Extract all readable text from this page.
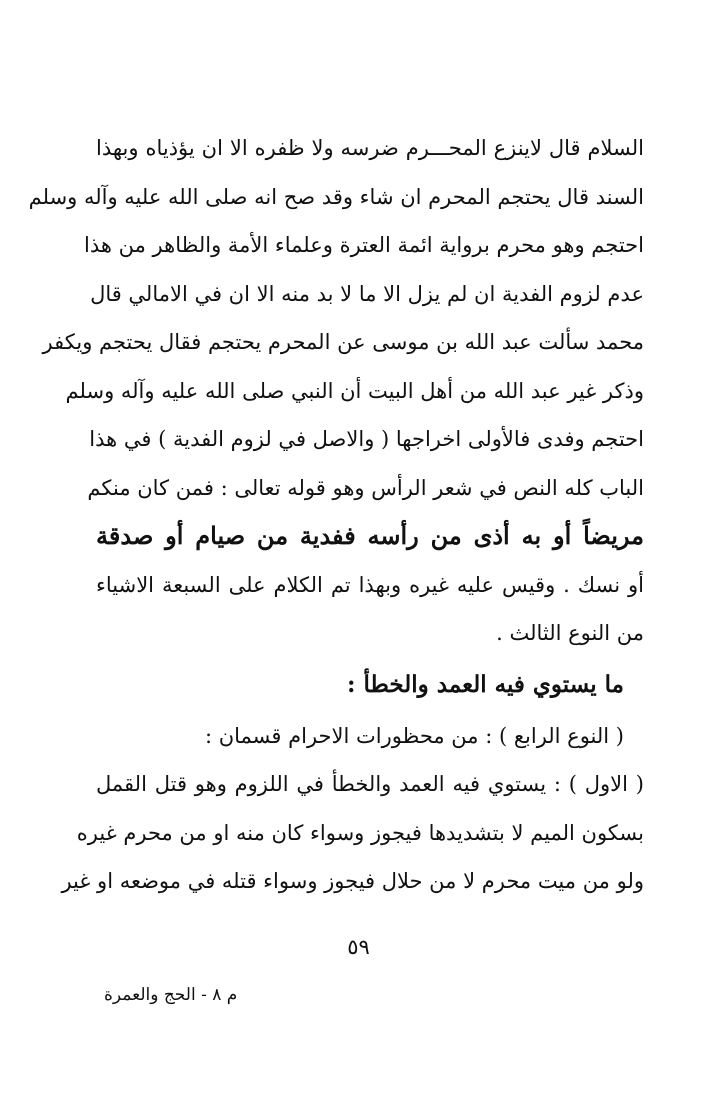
السلام قال لاينزع المحـــرم ضرسه ولا ظفره الا ان يؤذياه وبهذا
السند قال يحتجم المحرم ان شاء وقد صح انه صلى الله عليه وآله وسلم
احتجم وهو محرم برواية ائمة العترة وعلماء الأمة والظاهر من هذا
عدم لزوم الفدية ان لم يزل الا ما لا بد منه الا ان في الامالي قال
محمد سألت عبد الله بن موسى عن المحرم يحتجم فقال يحتجم ويكفر
وذكر غير عبد الله من أهل البيت أن النبي صلى الله عليه وآله وسلم
احتجم وفدى فالأولى اخراجها ( والاصل في لزوم الفدية ) في هذا
الباب كله النص في شعر الرأس وهو قوله تعالى : فمن كان منكم
مريضاً أو به أذى من رأسه ففدية من صيام أو صدقة
أو نسك . وقيس عليه غيره وبهذا تم الكلام على السبعة الاشياء
من النوع الثالث .
ما يستوي فيه العمد والخطأ :
( النوع الرابع ) : من محظورات الاحرام قسمان :
( الاول ) : يستوي فيه العمد والخطأ في اللزوم وهو قتل القمل
بسكون الميم لا بتشديدها فيجوز وسواء كان منه او من محرم غيره
ولو من ميت محرم لا من حلال فيجوز وسواء قتله في موضعه او غير
٥٩
م ٨ - الحج والعمرة
